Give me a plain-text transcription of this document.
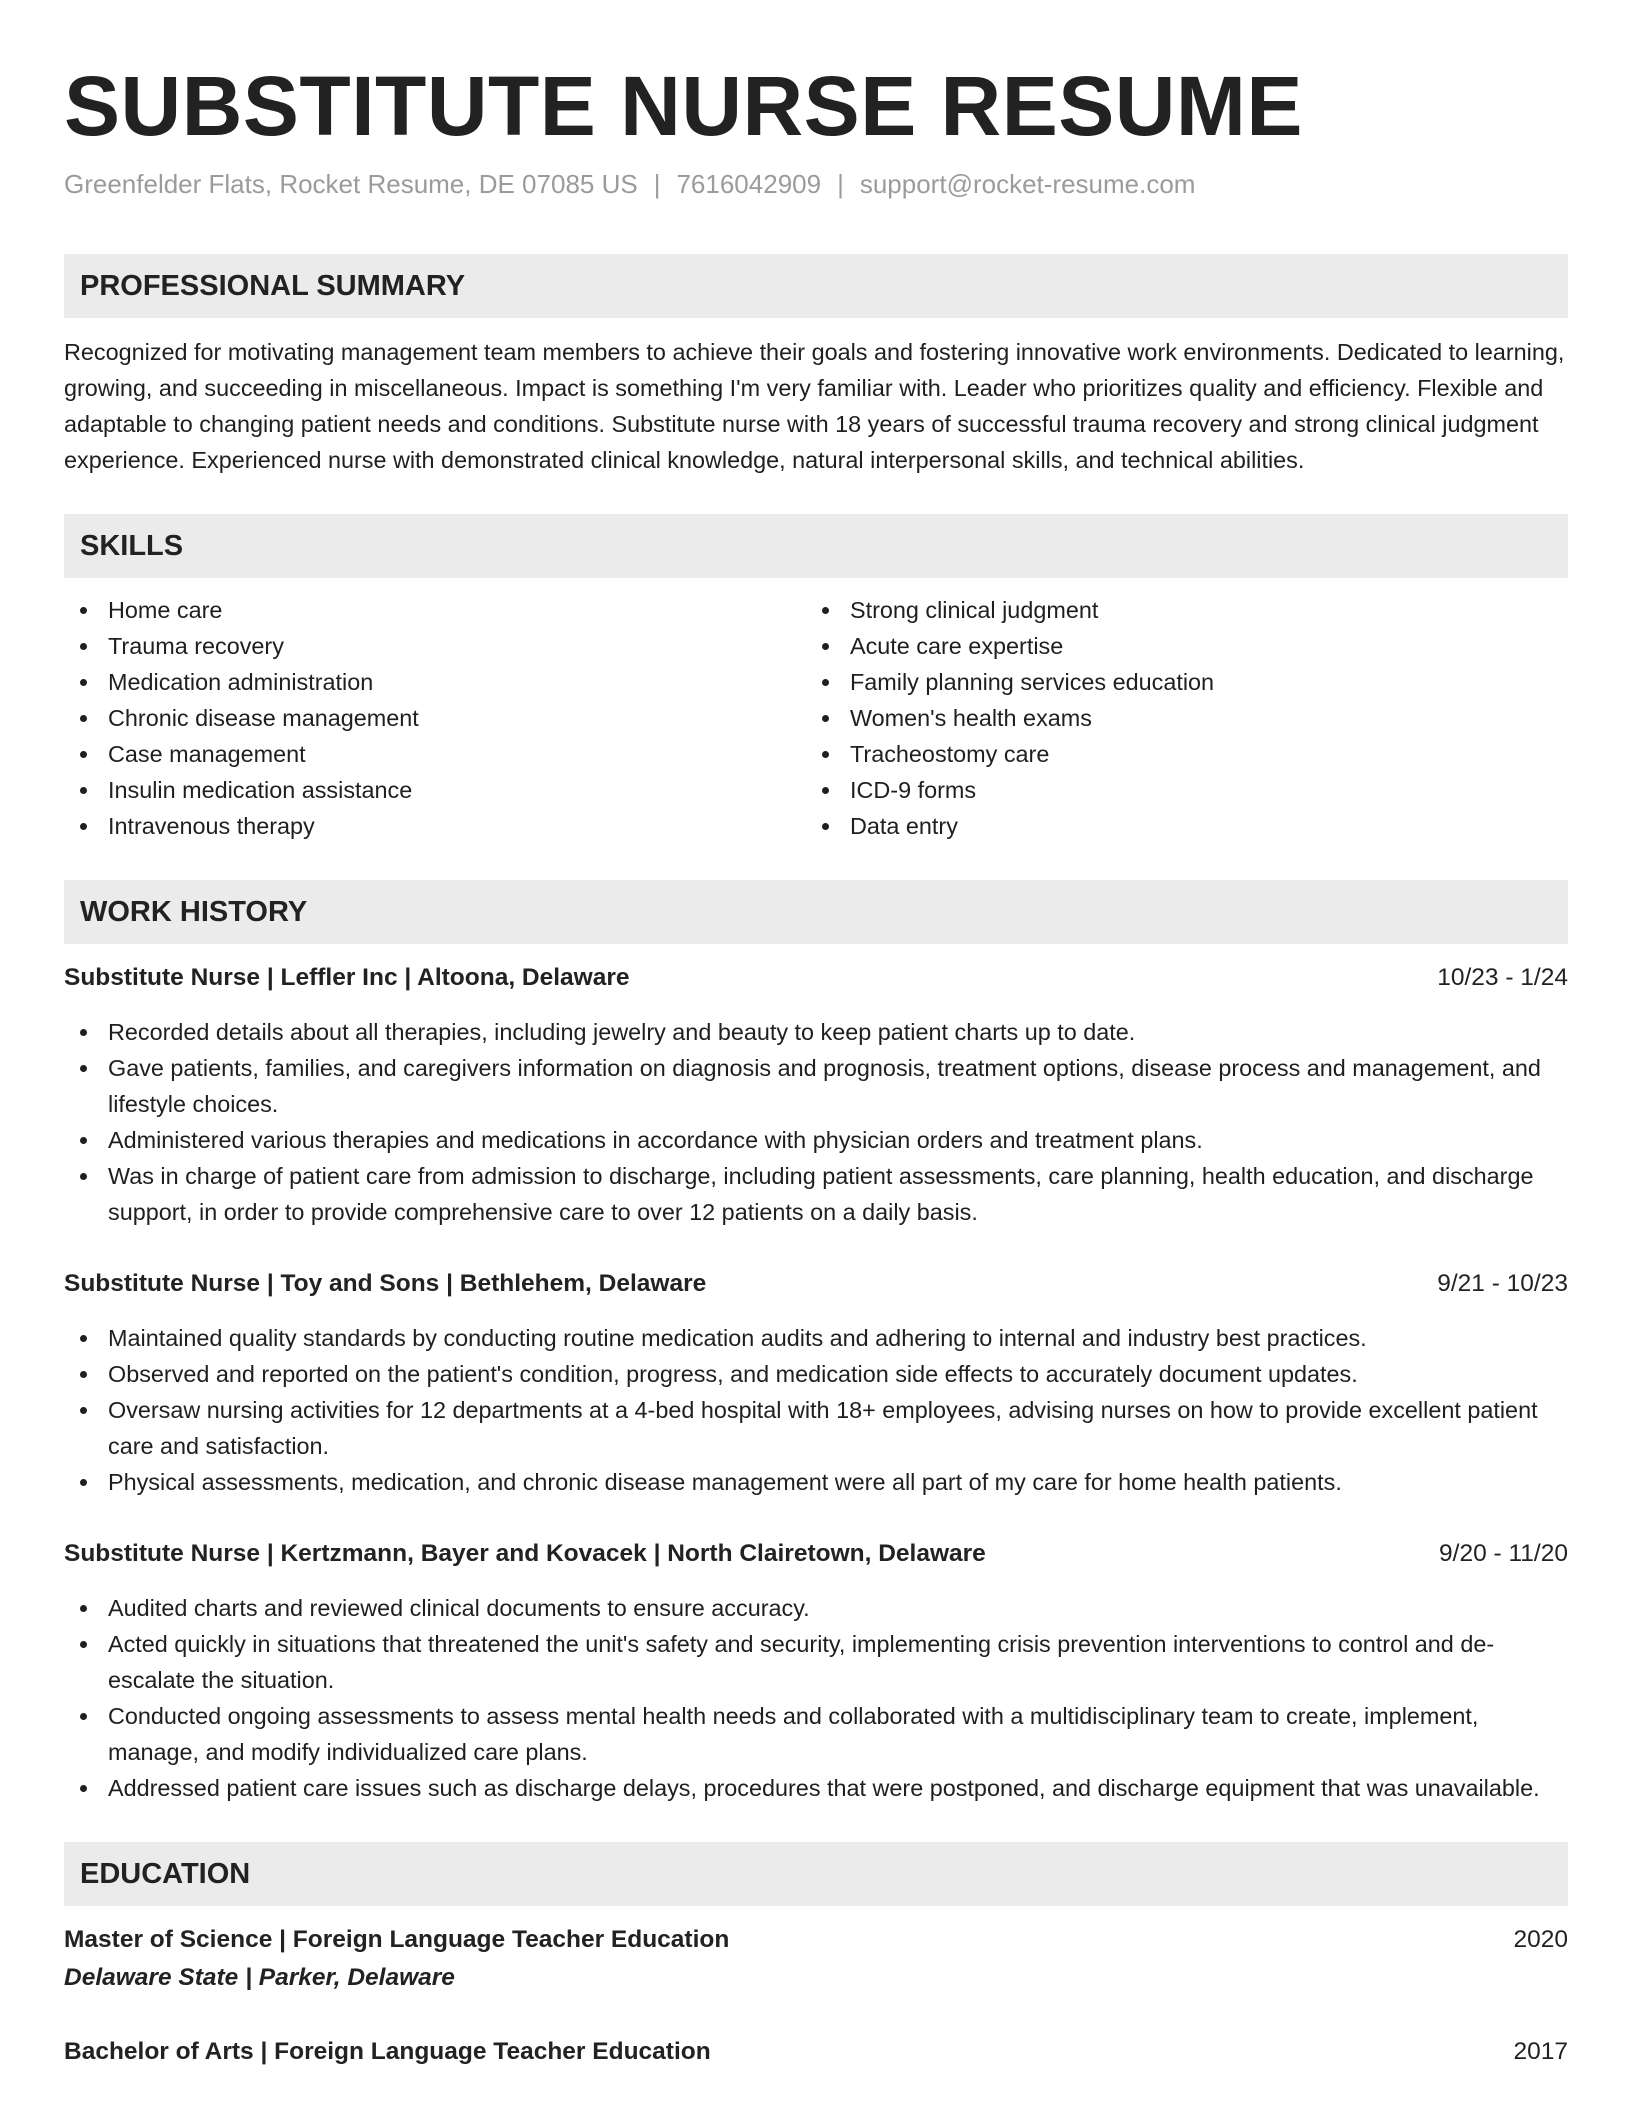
SUBSTITUTE NURSE RESUME
Greenfelder Flats, Rocket Resume, DE 07085 US | 7616042909 | support@rocket-resume.com
PROFESSIONAL SUMMARY
Recognized for motivating management team members to achieve their goals and fostering innovative work environments. Dedicated to learning, growing, and succeeding in miscellaneous. Impact is something I'm very familiar with. Leader who prioritizes quality and efficiency. Flexible and adaptable to changing patient needs and conditions. Substitute nurse with 18 years of successful trauma recovery and strong clinical judgment experience. Experienced nurse with demonstrated clinical knowledge, natural interpersonal skills, and technical abilities.
SKILLS
Home care
Trauma recovery
Medication administration
Chronic disease management
Case management
Insulin medication assistance
Intravenous therapy
Strong clinical judgment
Acute care expertise
Family planning services education
Women's health exams
Tracheostomy care
ICD-9 forms
Data entry
WORK HISTORY
Substitute Nurse | Leffler Inc | Altoona, Delaware	10/23 - 1/24
Recorded details about all therapies, including jewelry and beauty to keep patient charts up to date.
Gave patients, families, and caregivers information on diagnosis and prognosis, treatment options, disease process and management, and lifestyle choices.
Administered various therapies and medications in accordance with physician orders and treatment plans.
Was in charge of patient care from admission to discharge, including patient assessments, care planning, health education, and discharge support, in order to provide comprehensive care to over 12 patients on a daily basis.
Substitute Nurse | Toy and Sons | Bethlehem, Delaware	9/21 - 10/23
Maintained quality standards by conducting routine medication audits and adhering to internal and industry best practices.
Observed and reported on the patient's condition, progress, and medication side effects to accurately document updates.
Oversaw nursing activities for 12 departments at a 4-bed hospital with 18+ employees, advising nurses on how to provide excellent patient care and satisfaction.
Physical assessments, medication, and chronic disease management were all part of my care for home health patients.
Substitute Nurse | Kertzmann, Bayer and Kovacek | North Clairetown, Delaware	9/20 - 11/20
Audited charts and reviewed clinical documents to ensure accuracy.
Acted quickly in situations that threatened the unit's safety and security, implementing crisis prevention interventions to control and de-escalate the situation.
Conducted ongoing assessments to assess mental health needs and collaborated with a multidisciplinary team to create, implement, manage, and modify individualized care plans.
Addressed patient care issues such as discharge delays, procedures that were postponed, and discharge equipment that was unavailable.
EDUCATION
Master of Science | Foreign Language Teacher Education	2020
Delaware State | Parker, Delaware
Bachelor of Arts | Foreign Language Teacher Education	2017
